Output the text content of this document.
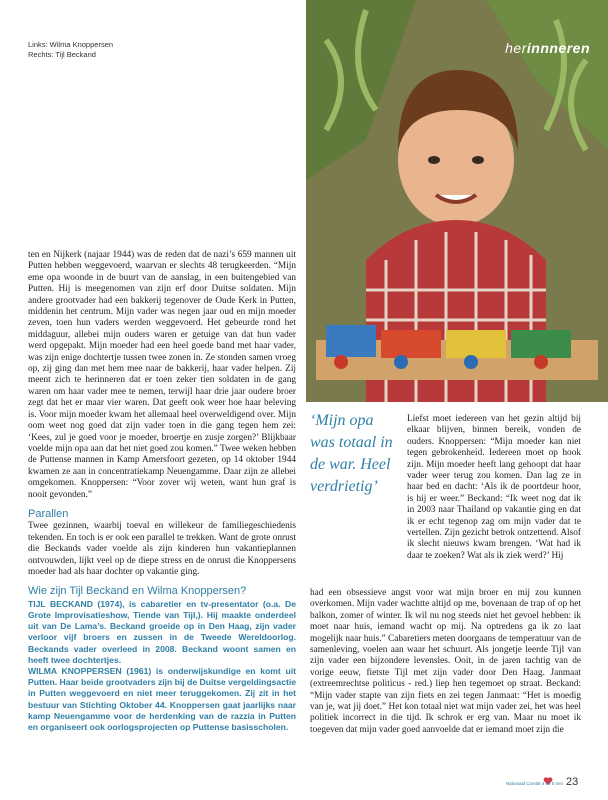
Links: Wilma Knoppersen
Rechts: Tijl Beckand	herinnneren

ten en Nijkerk (najaar 1944) was de reden dat de nazi’s 659 mannen uit Putten hebben weggevoerd, waarvan er slechts 48 terugkeerden. “Mijn eme opa woonde in de buurt van de aanslag, in een buitengebied van Putten. Hij is meegenomen van zijn erf door Duitse soldaten. Mijn andere grootvader had een bakkerij tegenover de Oude Kerk in Putten, middenin het centrum. Mijn vader was negen jaar oud en mijn moeder zeven, toen hun vaders werden weggevoerd. Het gebeurde rond het middaguur, allebei mijn ouders waren er getuige van dat hun vader werd opgepakt. Mijn moeder had een heel goede band met haar vader, was zijn enige dochtertje tussen twee zonen in. Ze stonden samen vroeg op, zij ging dan met hem mee naar de bakkerij, haar vader helpen. Zij meent zich te herinneren dat er toen zeker tien soldaten in de gang waren om haar vader mee te nemen, terwijl haar drie jaar oudere broer zegt dat het er maar vier waren. Dat geeft ook weer hoe haar beleving is. Voor mijn moeder kwam het allemaal heel overweldigend over. Mijn oom weet nog goed dat zijn vader toen in die gang tegen hem zei: ‘Kees, zul je goed voor je moeder, broertje en zusje zorgen?’ Blijkbaar voelde mijn opa aan dat het niet goed zou komen.” Twee weken hebben de Puttense mannen in Kamp Amersfoort gezeten, op 14 oktober 1944 kwamen ze aan in concentratiekamp Neuengamme. Daar zijn ze allebei omgekomen. Knoppersen: “Voor zover wij weten, want hun graf is nooit gevonden.”

Parallen

Twee gezinnen, waarbij toeval en willekeur de familiegeschiedenis tekenden. En toch is er ook een parallel te trekken. Want de grote onrust die Beckands vader voelde als zijn kinderen hun vakantieplannen ontvouwden, lijkt veel op de diepe stress en de onrust die Knoppersens moeder had als haar dochter op vakantie ging.

Wie zijn Tijl Beckand en Wilma Knoppersen?

TIJL BECKAND (1974), is cabaretier en tv-presentator (o.a. De Grote Improvisatieshow, Tiende van Tijl,). Hij maakte onderdeel uit van De Lama’s. Beckand groeide op in Den Haag, zijn vader verloor vijf broers en zussen in de Tweede Wereldoorlog. Beckands vader overleed in 2008. Beckand woont samen en heeft twee dochtertjes.

WILMA KNOPPERSEN (1961) is onderwijskundige en komt uit Putten. Haar beide grootvaders zijn bij de Duitse vergeldingsactie in Putten weggevoerd en niet meer teruggekomen. Zij zit in het bestuur van Stichting Oktober 44. Knoppersen gaat jaarlijks naar kamp Neuengamme voor de herdenking van de razzia in Putten en organiseert ook oorlogsprojecten op Puttense basisscholen.

‘Mijn opa was totaal in de war. Heel verdrietig’
Liefst moet iedereen van het gezin altijd bij elkaar blijven, binnen bereik, vonden de ouders. Knoppersen: “Mijn moeder kan niet tegen gebrokenheid. Iedereen moet op hook zijn. Mijn moeder heeft lang gehoopt dat haar vader weer terug zou komen. Dan lag ze in haar bed en dacht: ‘Als ik de poortdeur hoor, is hij er weer.” Beckand: “Ik weet nog dat ik in 2003 naar Thailand op vakantie ging en dat ik er echt tegenop zag om mijn vader dat te vertellen. Zijn gezicht betrok ontzettend. Alsof ik slecht nieuws kwam brengen. ‘Wat had ik daar te zoeken? Wat als ik ziek werd?’ Hij
had een obsessieve angst voor wat mijn broer en mij zou kunnen overkomen. Mijn vader wachtte altijd op me, bovenaan de trap of op het balkon, zomer of winter. Ik wil nu nog steeds niet het gevoel hebben: ik moet naar huis, iemand wacht op mij. Na optredens ga ik zo laat mogelijk naar huis.” Cabaretiers meten doorgaans de temperatuur van de samenleving, voelen aan waar het schuurt. Als jongetje leerde Tijl van zijn vader een bijzondere levensles. Ooit, in de jaren tachtig van de vorige eeuw, fietste Tijl met zijn vader door Den Haag. Janmaat (extreemrechtse politicus - red.) liep hen tegemoet op straat. Beckand: “Mijn vader stapte van zijn fiets en zei tegen Janmaat: “Het is moedig van je, wat jij doet.” Het kon totaal niet wat mijn vader zei, het was heel politiek incorrect in die tijd. Ik schrok er erg van. Maar nu moet ik toegeven dat mijn vader goed aanvoelde dat er iemand moet zijn die
Nationaal Comité 4 en 5 mei 23
